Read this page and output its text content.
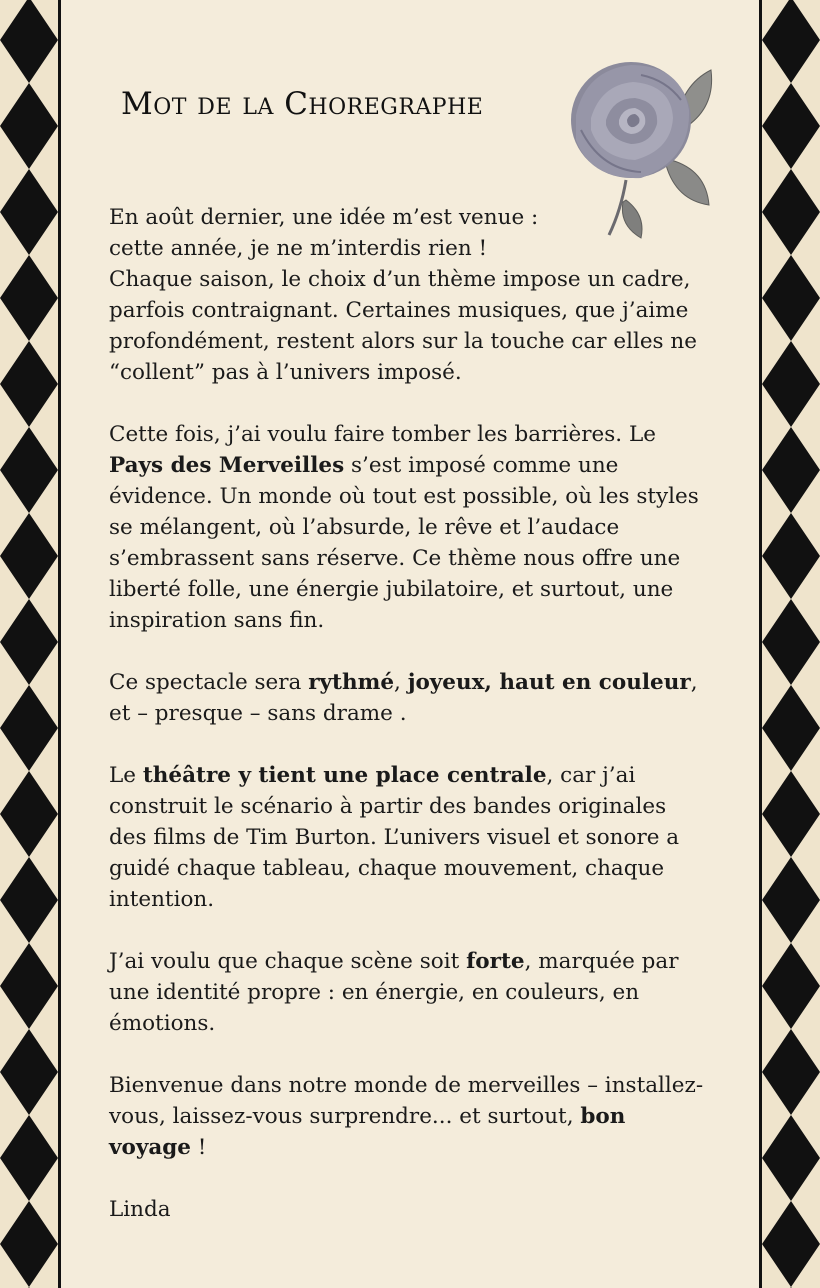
Mot de la Choregraphe

En août dernier, une idée m’est venue :
cette année, je ne m’interdis rien !
Chaque saison, le choix d’un thème impose un cadre, parfois contraignant. Certaines musiques, que j’aime profondément, restent alors sur la touche car elles ne “collent” pas à l’univers imposé.

Cette fois, j’ai voulu faire tomber les barrières. Le Pays des Merveilles s’est imposé comme une évidence. Un monde où tout est possible, où les styles se mélangent, où l’absurde, le rêve et l’audace s’embrassent sans réserve. Ce thème nous offre une liberté folle, une énergie jubilatoire, et surtout, une inspiration sans fin.

Ce spectacle sera rythmé, joyeux, haut en couleur, et – presque – sans drame .

Le théâtre y tient une place centrale, car j’ai construit le scénario à partir des bandes originales des films de Tim Burton. L’univers visuel et sonore a guidé chaque tableau, chaque mouvement, chaque intention.

J’ai voulu que chaque scène soit forte, marquée par une identité propre : en énergie, en couleurs, en émotions.

Bienvenue dans notre monde de merveilles – installez-vous, laissez-vous surprendre... et surtout, bon voyage !

Linda
